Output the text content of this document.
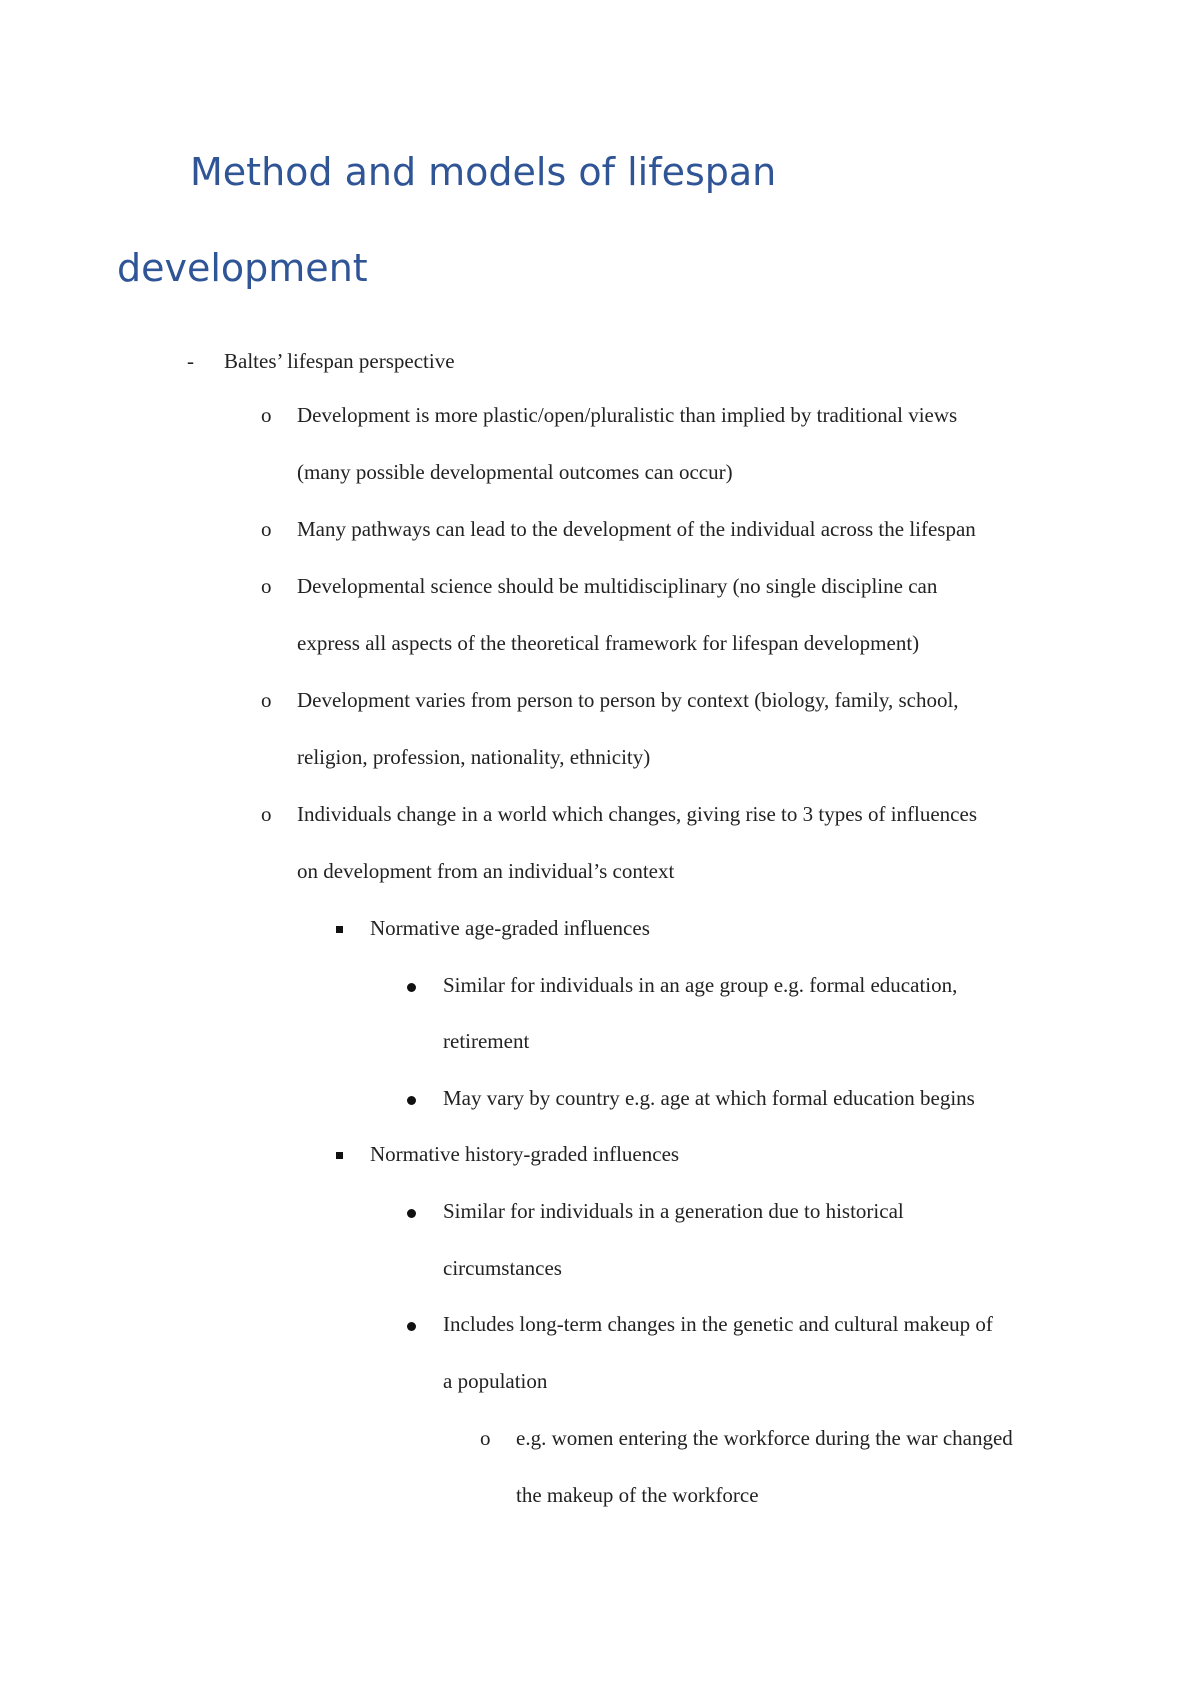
Method and models of lifespan
development
- Baltes’ lifespan perspective
o Development is more plastic/open/pluralistic than implied by traditional views
(many possible developmental outcomes can occur)
o Many pathways can lead to the development of the individual across the lifespan
o Developmental science should be multidisciplinary (no single discipline can
express all aspects of the theoretical framework for lifespan development)
o Development varies from person to person by context (biology, family, school,
religion, profession, nationality, ethnicity)
o Individuals change in a world which changes, giving rise to 3 types of influences
on development from an individual’s context
Normative age-graded influences
Similar for individuals in an age group e.g. formal education,
retirement
May vary by country e.g. age at which formal education begins
Normative history-graded influences
Similar for individuals in a generation due to historical
circumstances
Includes long-term changes in the genetic and cultural makeup of
a population
o e.g. women entering the workforce during the war changed
the makeup of the workforce
